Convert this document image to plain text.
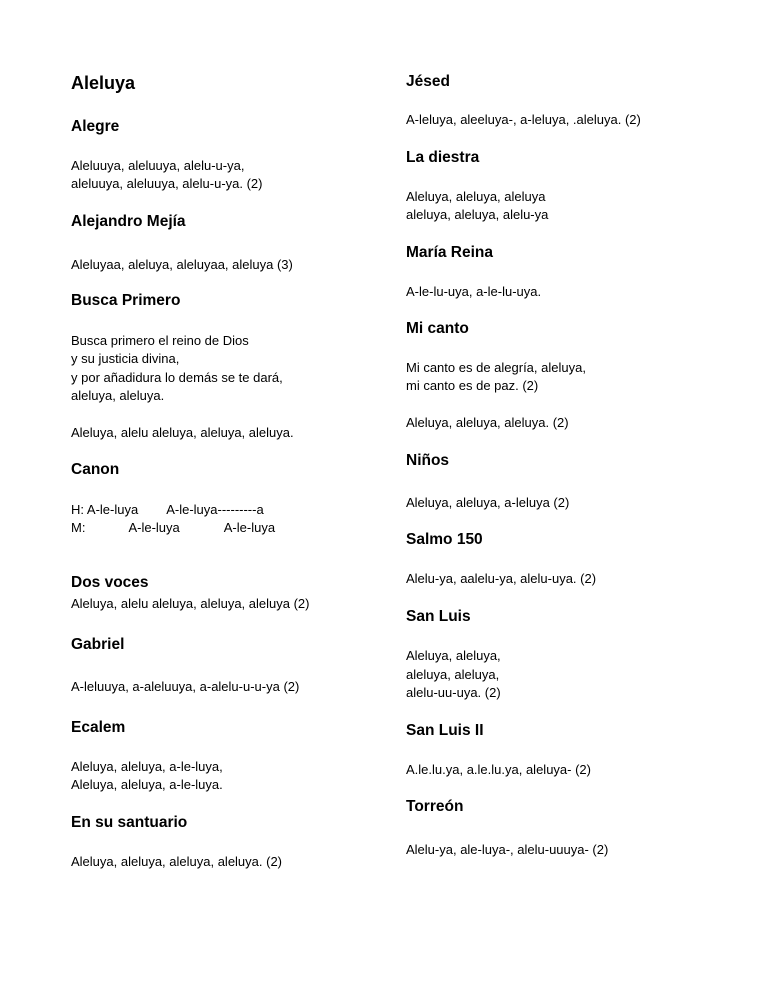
Aleluya
Alegre
Aleluuya, aleluuya, alelu-u-ya,
aleluuya, aleluuya, alelu-u-ya. (2)
Alejandro Mejía
Aleluyaa, aleluya, aleluyaa, aleluya (3)
Busca Primero
Busca primero el reino de Dios
y su justicia divina,
y por añadidura lo demás se te dará,
aleluya, aleluya.
Aleluya, alelu aleluya, aleluya, aleluya.
Canon
H: A-le-luya A-le-luya---------a
M:	A-le-luya	A-le-luya
Dos voces
Aleluya, alelu aleluya, aleluya, aleluya (2)
Gabriel
A-leluuya, a-aleluuya, a-alelu-u-u-ya (2)
Ecalem
Aleluya, aleluya, a-le-luya,
Aleluya, aleluya, a-le-luya.
En su santuario
Aleluya, aleluya, aleluya, aleluya. (2)
Jésed
A-leluya, aleeluya-, a-leluya, .aleluya. (2)
La diestra
Aleluya, aleluya, aleluya
aleluya, aleluya, alelu-ya
María Reina
A-le-lu-uya, a-le-lu-uya.
Mi canto
Mi canto es de alegría, aleluya,
mi canto es de paz. (2)
Aleluya, aleluya, aleluya. (2)
Niños
Aleluya, aleluya, a-leluya (2)
Salmo 150
Alelu-ya, aalelu-ya, alelu-uya. (2)
San Luis
Aleluya, aleluya,
aleluya, aleluya,
alelu-uu-uya. (2)
San Luis II
A.le.lu.ya, a.le.lu.ya, aleluya- (2)
Torreón
Alelu-ya, ale-luya-, alelu-uuuya- (2)
